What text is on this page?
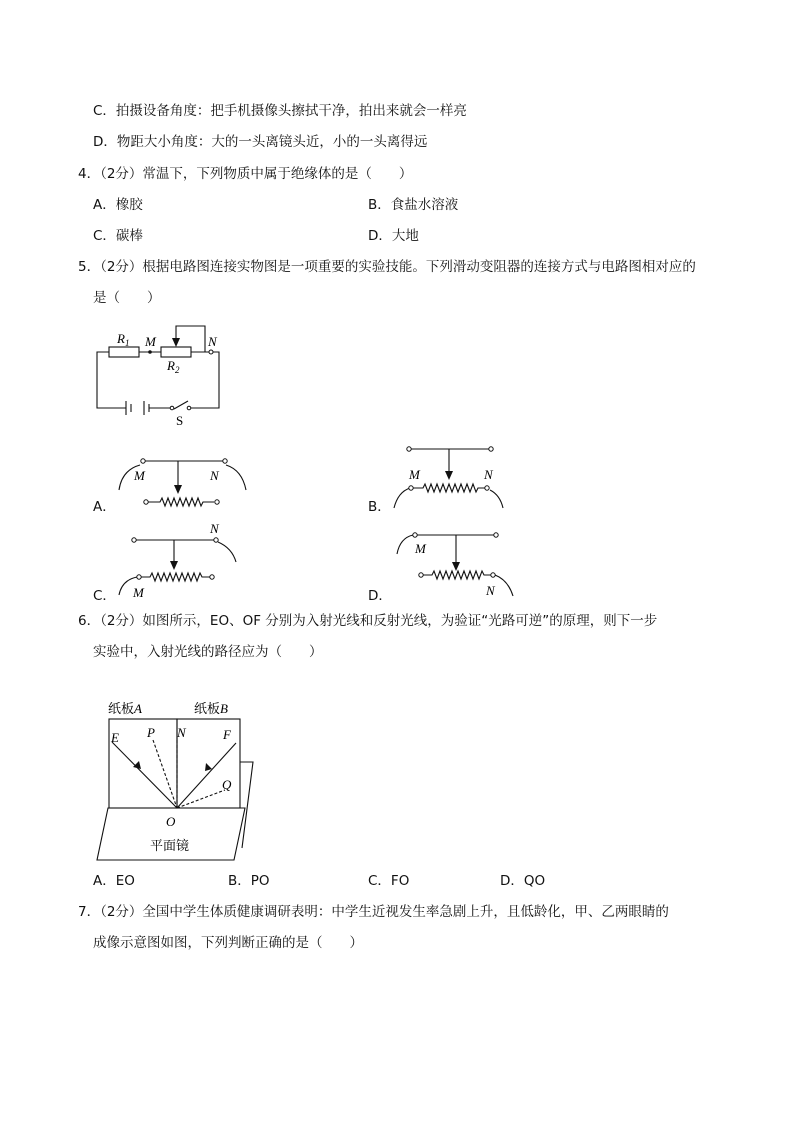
C．拍摄设备角度：把手机摄像头擦拭干净，拍出来就会一样亮
D．物距大小角度：大的一头离镜头近，小的一头离得远
4．（2分）常温下，下列物质中属于绝缘体的是（　　）
A．橡胶	B．食盐水溶液
C．碳棒	D．大地
5．（2分）根据电路图连接实物图是一项重要的实验技能。下列滑动变阻器的连接方式与电路图相对应的
是（　　）
$R_1$ M	N
$R_2$
S
M	N	M	N
N
M
M
N
A．	B．
C．	D．
6．（2分）如图所示，EO、OF 分别为入射光线和反射光线，为验证“光路可逆”的原理，则下一步
实验中，入射光线的路径应为（　　）
纸板A	纸板B
E P N	F
Q
O
平面镜
A．EO	B．PO	C．FO	D．QO
7．（2分）全国中学生体质健康调研表明：中学生近视发生率急剧上升，且低龄化，甲、乙两眼睛的
成像示意图如图，下列判断正确的是（　　）
